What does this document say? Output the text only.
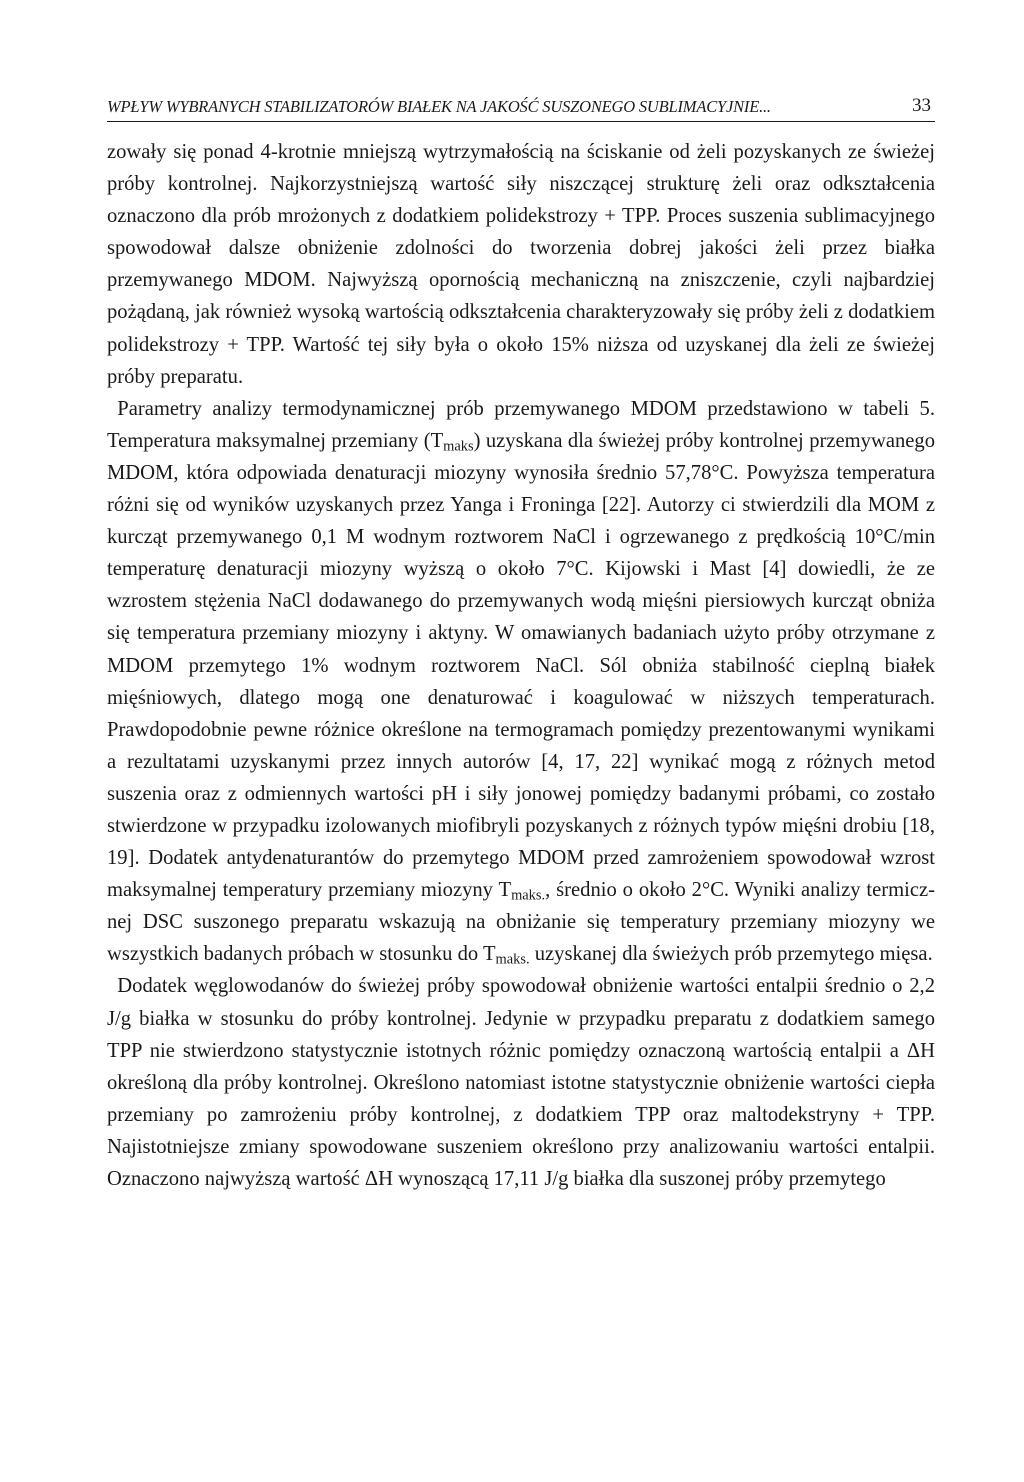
WPŁYW WYBRANYCH STABILIZATORÓW BIAŁEK NA JAKOŚĆ SUSZONEGO SUBLIMACYJNIE...	33

zowały się ponad 4-krotnie mniejszą wytrzymałością na ściskanie od żeli pozyskanych ze świeżej próby kontrolnej. Najkorzystniejszą wartość siły niszczącej strukturę żeli oraz odkształcenia oznaczono dla prób mrożonych z dodatkiem polidekstrozy + TPP. Proces suszenia sublimacyjnego spowodował dalsze obniżenie zdolności do tworzenia dobrej jakości żeli przez białka przemywanego MDOM. Najwyższą opornością mechaniczną na zniszczenie, czyli najbardziej pożądaną, jak również wysoką wartością odkształcenia charakteryzowały się próby żeli z dodatkiem polidekstrozy + TPP. Wartość tej siły była o około 15% niższa od uzyskanej dla żeli ze świeżej próby preparatu.

Parametry analizy termodynamicznej prób przemywanego MDOM przedstawiono w tabeli 5. Temperatura maksymalnej przemiany $(T_{maks})$ uzyskana dla świeżej próby kontrolnej przemywanego MDOM, która odpowiada denaturacji miozyny wynosiła średnio 57,78°C. Powyższa temperatura różni się od wyników uzyskanych przez Yanga i Froninga [22]. Autorzy ci stwierdzili dla MOM z kurcząt przemywanego 0,1 M wodnym roztworem NaCl i ogrzewanego z prędkością 10°C/min temperaturę denaturacji miozyny wyższą o około 7°C. Kijowski i Mast [4] dowiedli, że ze wzrostem stężenia NaCl dodawanego do przemywanych wodą mięśni piersiowych kurcząt obniża się temperatura przemiany miozyny i aktyny. W omawianych badaniach użyto próby otrzymane z MDOM przemytego 1% wodnym roztworem NaCl. Sól obniża stabilność cieplną białek mięśniowych, dlatego mogą one denaturować i koagulować w niższych temperaturach. Prawdopodobnie pewne różnice określone na termogramach pomiędzy prezentowanymi wynikami a rezultatami uzyskanymi przez innych autorów [4, 17, 22] wynikać mogą z różnych metod suszenia oraz z odmiennych wartości pH i siły jonowej pomiędzy badanymi próbami, co zostało stwierdzone w przypadku izolowanych miofibryli pozyskanych z różnych typów mięśni drobiu [18, 19]. Dodatek antydenaturantów do przemytego MDOM przed zamrożeniem spowodował wzrost maksymalnej temperatury przemiany miozyny $T_{maks.}$, średnio o około 2°C. Wyniki analizy termicznej DSC suszonego preparatu wskazują na obniżanie się temperatury przemiany miozyny we wszystkich badanych próbach w stosunku do $T_{maks.}$ uzyskanej dla świeżych prób przemytego mięsa.

Dodatek węglowodanów do świeżej próby spowodował obniżenie wartości entalpii średnio o 2,2 J/g białka w stosunku do próby kontrolnej. Jedynie w przypadku preparatu z dodatkiem samego TPP nie stwierdzono statystycznie istotnych różnic pomiędzy oznaczoną wartością entalpii a ΔH określoną dla próby kontrolnej. Określono natomiast istotne statystycznie obniżenie wartości ciepła przemiany po zamrożeniu próby kontrolnej, z dodatkiem TPP oraz maltodekstryny + TPP. Najistotniejsze zmiany spowodowane suszeniem określono przy analizowaniu wartości entalpii. Oznaczono najwyższą wartość ΔH wynoszącą 17,11 J/g białka dla suszonej próby przemytego
